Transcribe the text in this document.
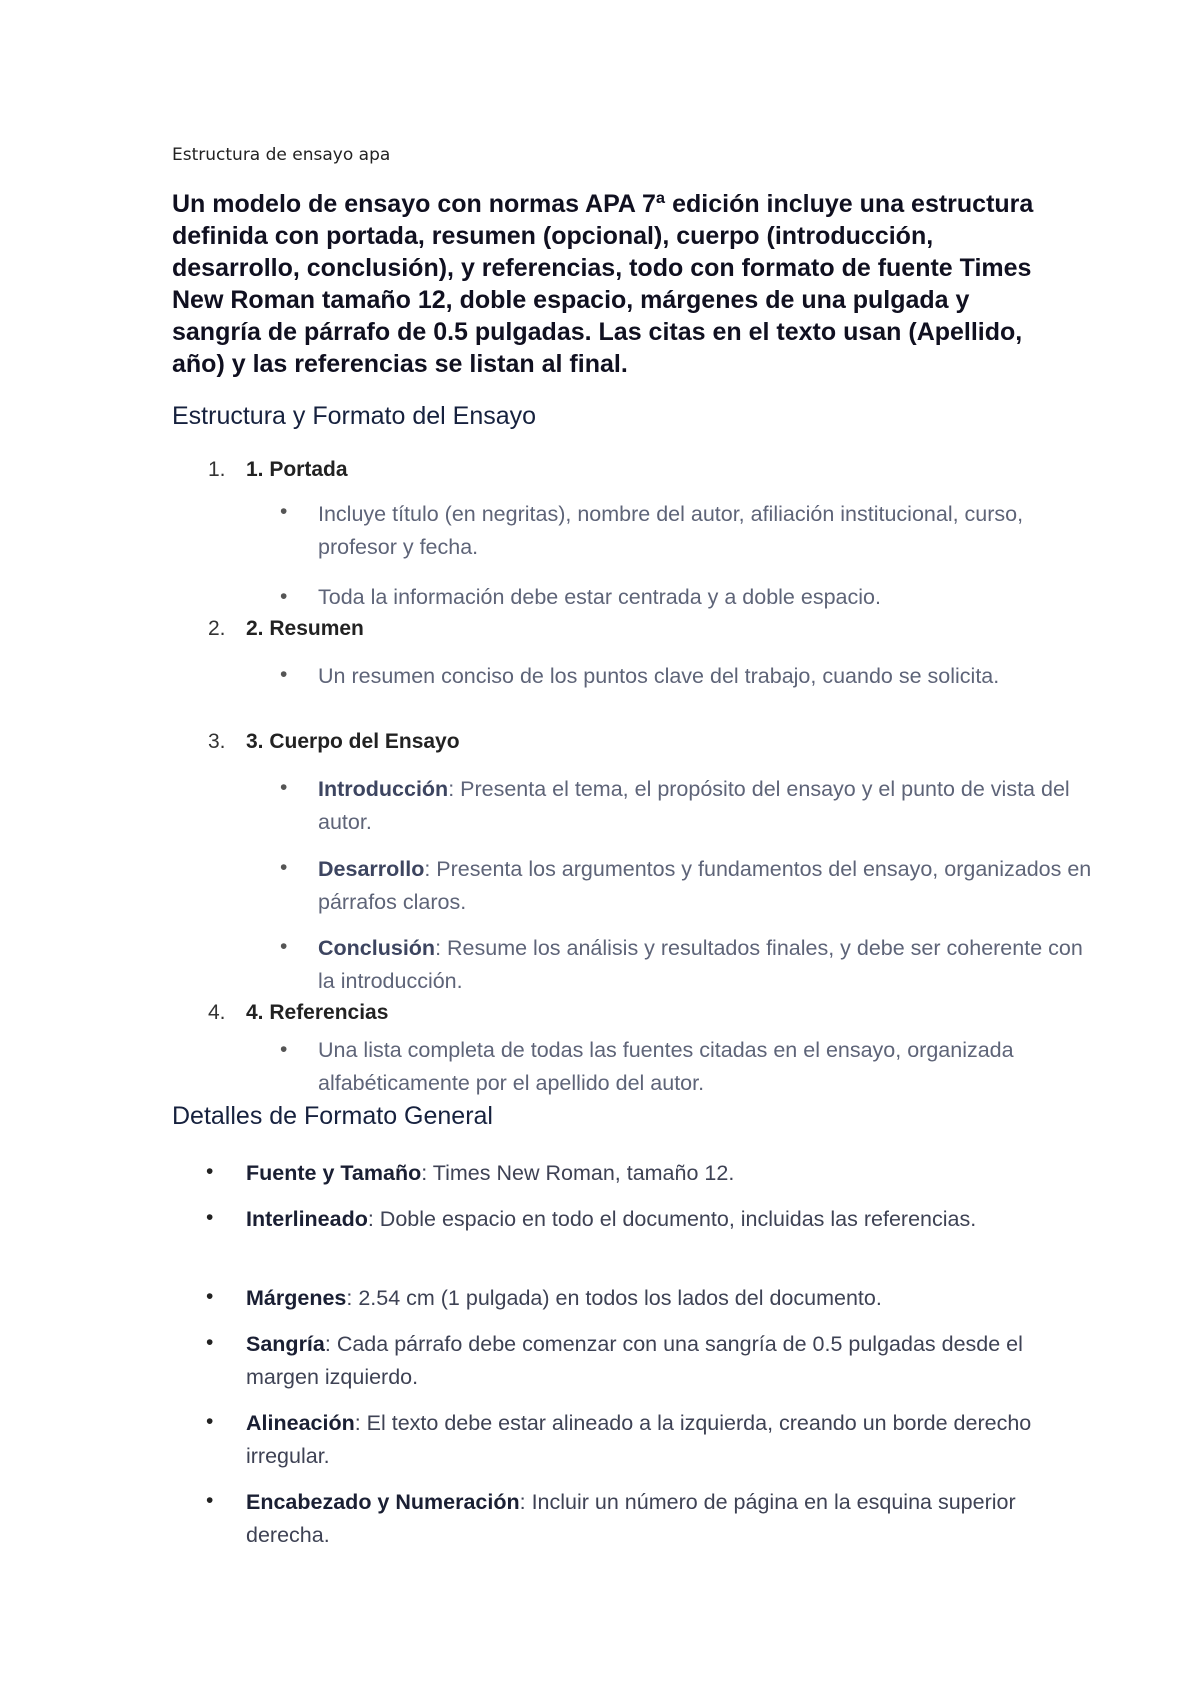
Estructura de ensayo apa

Un modelo de ensayo con normas APA 7ª edición incluye una estructura definida con portada, resumen (opcional), cuerpo (introducción, desarrollo, conclusión), y referencias, todo con formato de fuente Times New Roman tamaño 12, doble espacio, márgenes de una pulgada y sangría de párrafo de 0.5 pulgadas. Las citas en el texto usan (Apellido, año) y las referencias se listan al final.

Estructura y Formato del Ensayo
1. 1. Portada
• Incluye título (en negritas), nombre del autor, afiliación institucional, curso, profesor y fecha.
• Toda la información debe estar centrada y a doble espacio.
2. 2. Resumen
• Un resumen conciso de los puntos clave del trabajo, cuando se solicita.
3. 3. Cuerpo del Ensayo
• Introducción: Presenta el tema, el propósito del ensayo y el punto de vista del autor.
• Desarrollo: Presenta los argumentos y fundamentos del ensayo, organizados en párrafos claros.
• Conclusión: Resume los análisis y resultados finales, y debe ser coherente con la introducción.
4. 4. Referencias
• Una lista completa de todas las fuentes citadas en el ensayo, organizada alfabéticamente por el apellido del autor.
Detalles de Formato General
• Fuente y Tamaño: Times New Roman, tamaño 12.
• Interlineado: Doble espacio en todo el documento, incluidas las referencias.
• Márgenes: 2.54 cm (1 pulgada) en todos los lados del documento.
• Sangría: Cada párrafo debe comenzar con una sangría de 0.5 pulgadas desde el margen izquierdo.
• Alineación: El texto debe estar alineado a la izquierda, creando un borde derecho irregular.
• Encabezado y Numeración: Incluir un número de página en la esquina superior derecha.
